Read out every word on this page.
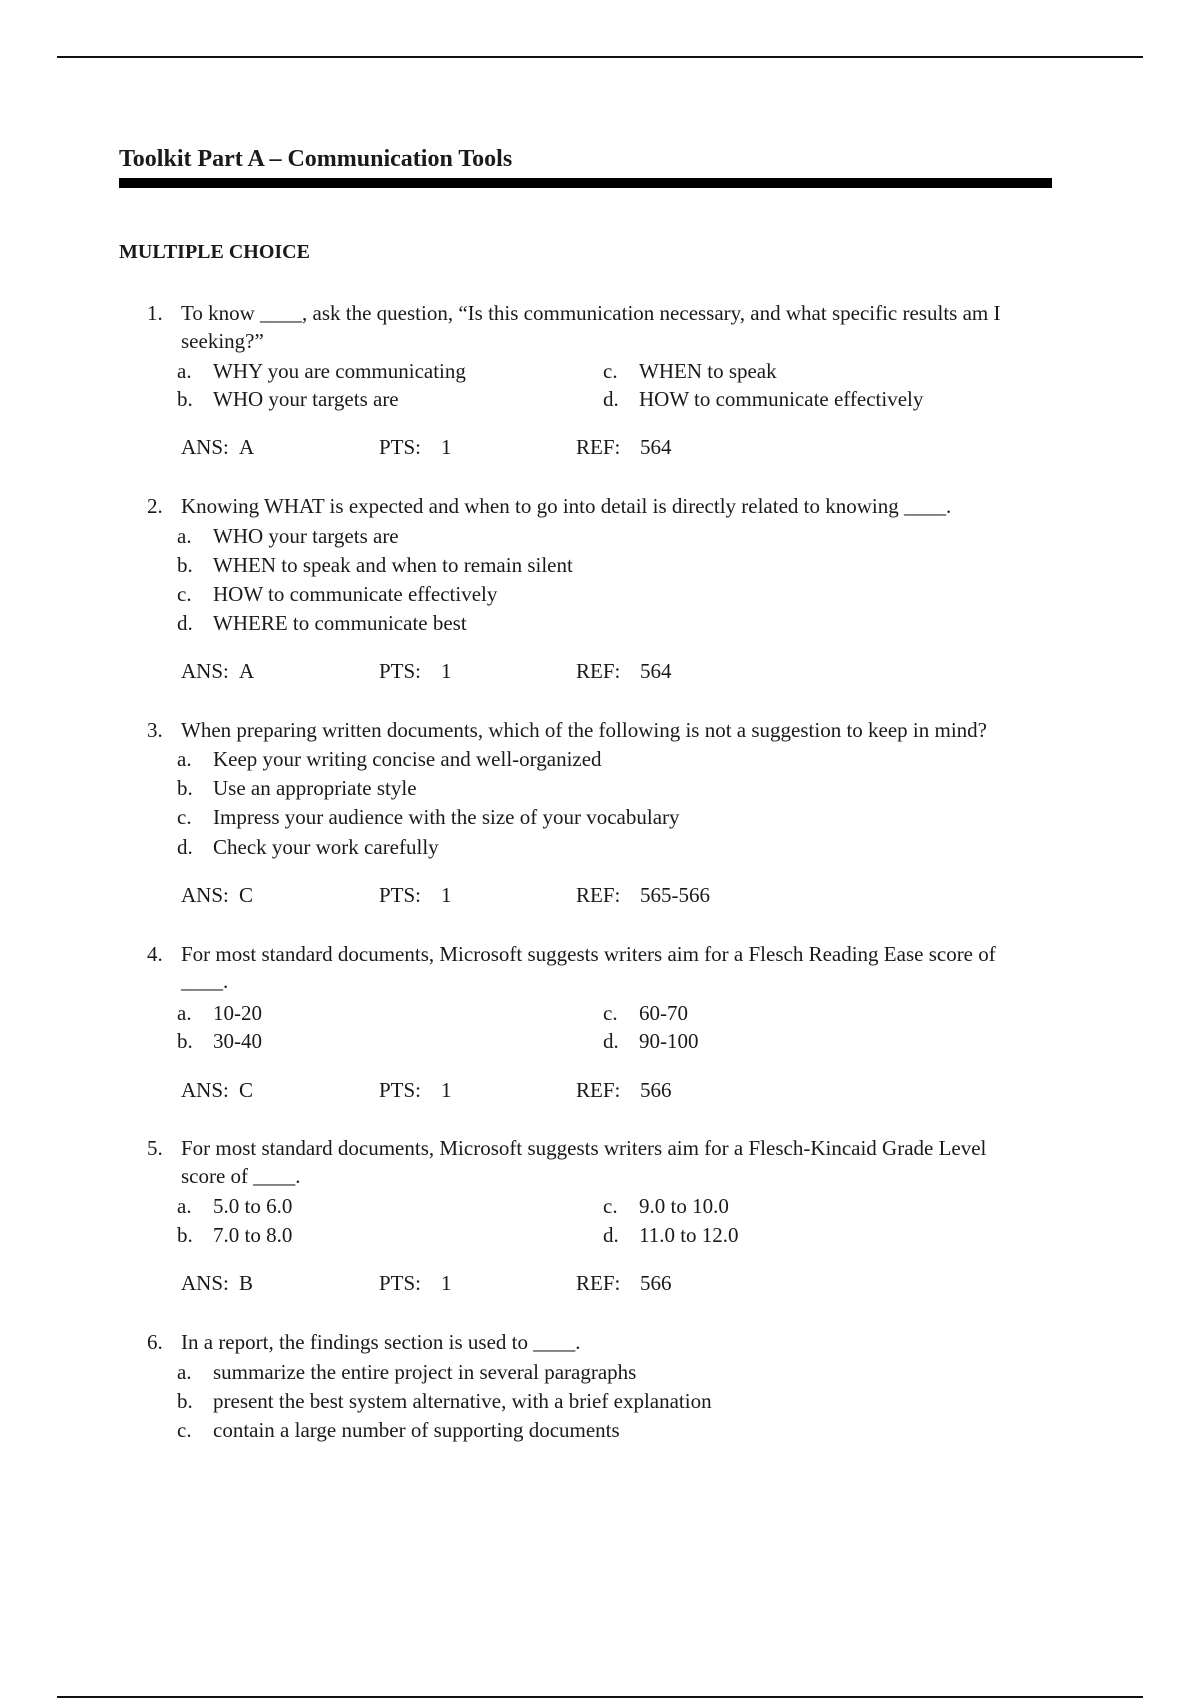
Toolkit Part A – Communication Tools
MULTIPLE CHOICE
1. To know ____, ask the question, “Is this communication necessary, and what specific results am I
seeking?”
a. WHY you are communicating
b. WHO your targets are
c. WHEN to speak
d. HOW to communicate effectively
ANS: A	PTS: 1	REF: 564
2. Knowing WHAT is expected and when to go into detail is directly related to knowing ____.
a. WHO your targets are
b. WHEN to speak and when to remain silent
c. HOW to communicate effectively
d. WHERE to communicate best
ANS: A	PTS: 1	REF: 564
3. When preparing written documents, which of the following is not a suggestion to keep in mind?
a. Keep your writing concise and well-organized
b. Use an appropriate style
c. Impress your audience with the size of your vocabulary
d. Check your work carefully
ANS: C	PTS: 1	REF: 565-566
4. For most standard documents, Microsoft suggests writers aim for a Flesch Reading Ease score of
____.
a. 10-20
b. 30-40
c. 60-70
d. 90-100
ANS: C	PTS: 1	REF: 566
5. For most standard documents, Microsoft suggests writers aim for a Flesch-Kincaid Grade Level
score of ____.
a. 5.0 to 6.0
b. 7.0 to 8.0
c. 9.0 to 10.0
d. 11.0 to 12.0
ANS: B	PTS: 1	REF: 566
6. In a report, the findings section is used to ____.
a. summarize the entire project in several paragraphs
b. present the best system alternative, with a brief explanation
c. contain a large number of supporting documents
